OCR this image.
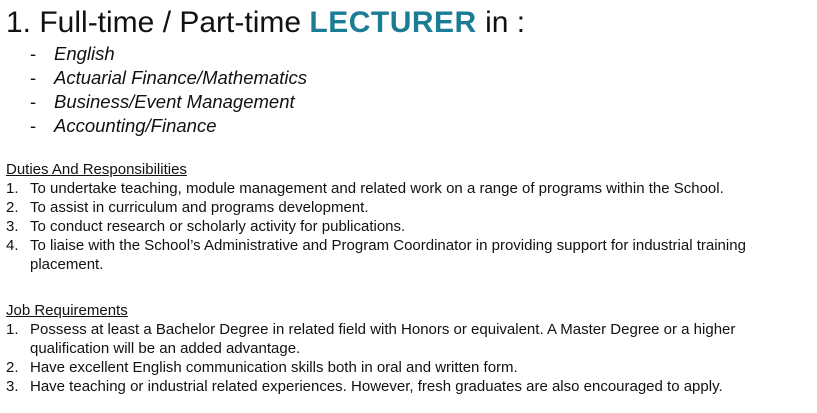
1. Full-time / Part-time LECTURER in :
- English
- Actuarial Finance/Mathematics
- Business/Event Management
- Accounting/Finance
Duties And Responsibilities
1. To undertake teaching, module management and related work on a range of programs within the School.
2. To assist in curriculum and programs development.
3. To conduct research or scholarly activity for publications.
4. To liaise with the School’s Administrative and Program Coordinator in providing support for industrial training placement.
Job Requirements
1. Possess at least a Bachelor Degree in related field with Honors or equivalent. A Master Degree or a higher qualification will be an added advantage.
2. Have excellent English communication skills both in oral and written form.
3. Have teaching or industrial related experiences. However, fresh graduates are also encouraged to apply.
